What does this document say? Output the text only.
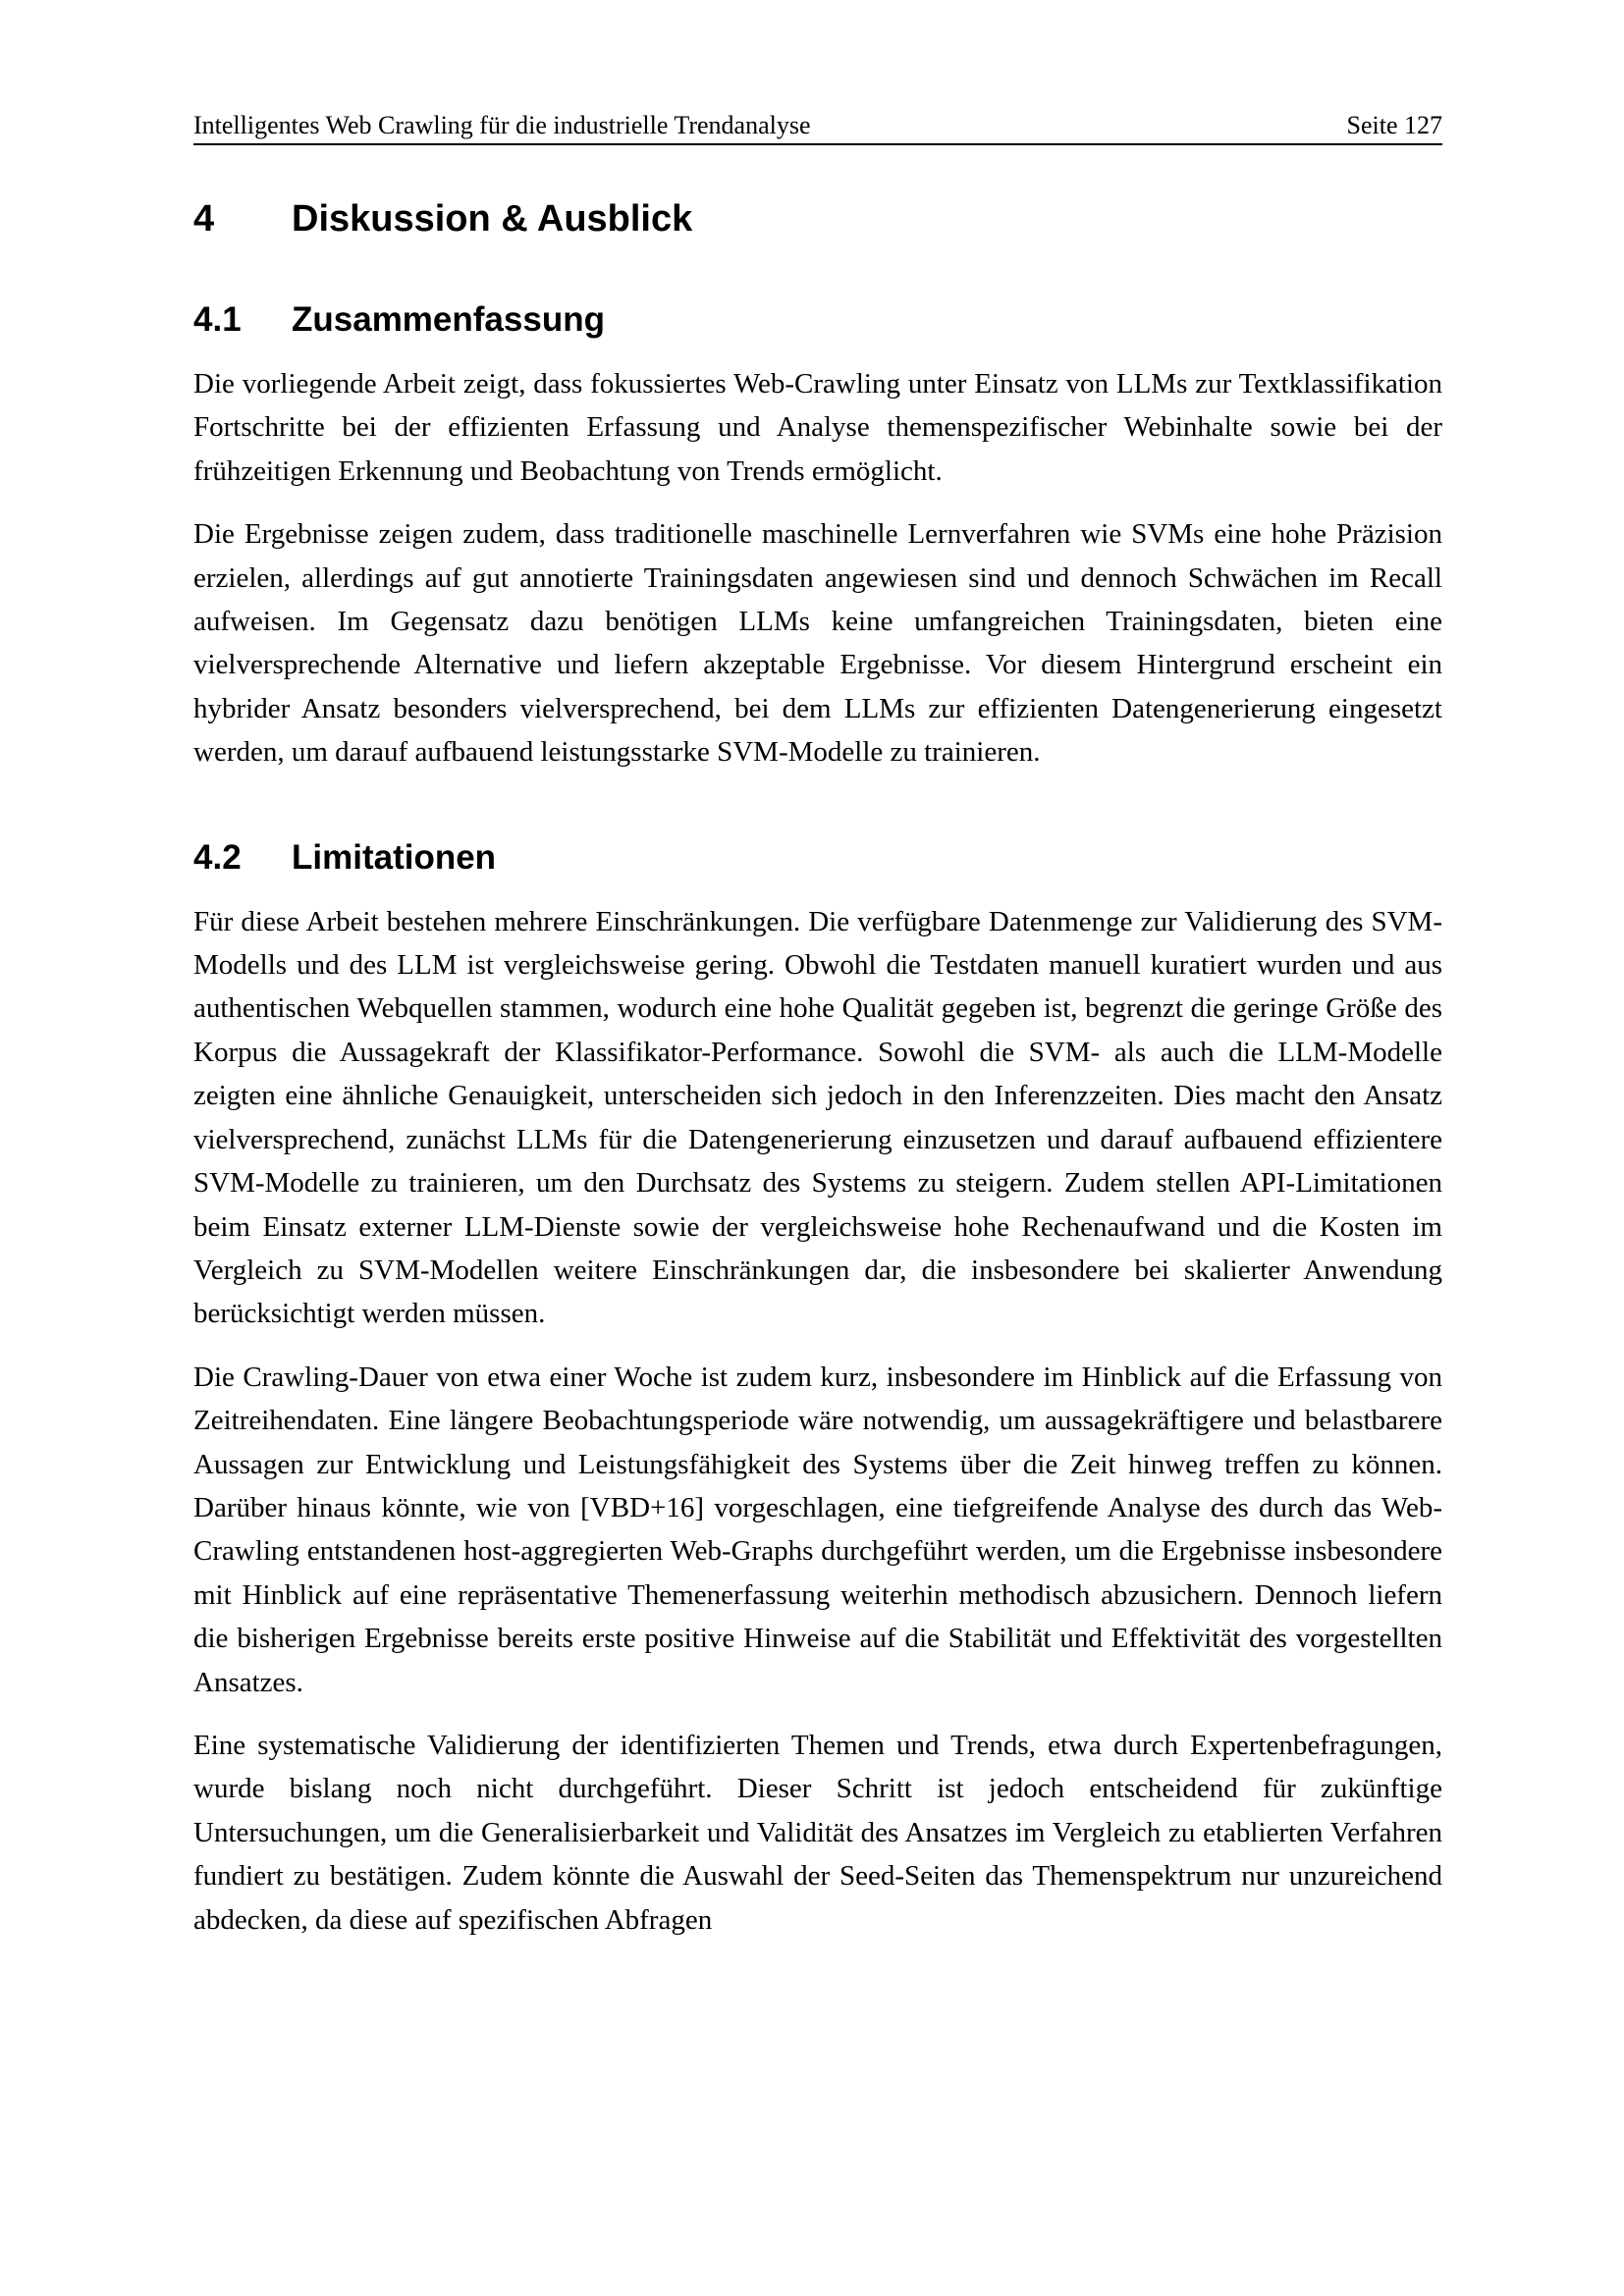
Intelligentes Web Crawling für die industrielle Trendanalyse	Seite 127
4 Diskussion & Ausblick
4.1 Zusammenfassung

Die vorliegende Arbeit zeigt, dass fokussiertes Web-Crawling unter Einsatz von LLMs zur Textklassifikation Fortschritte bei der effizienten Erfassung und Analyse themenspezifischer Webinhalte sowie bei der frühzeitigen Erkennung und Beobachtung von Trends ermöglicht.

Die Ergebnisse zeigen zudem, dass traditionelle maschinelle Lernverfahren wie SVMs eine hohe Präzision erzielen, allerdings auf gut annotierte Trainingsdaten angewiesen sind und dennoch Schwächen im Recall aufweisen. Im Gegensatz dazu benötigen LLMs keine umfangreichen Trainingsdaten, bieten eine vielversprechende Alternative und liefern akzeptable Ergebnisse. Vor diesem Hintergrund erscheint ein hybrider Ansatz besonders vielversprechend, bei dem LLMs zur effizienten Datengenerierung eingesetzt werden, um darauf aufbauend leistungsstarke SVM-Modelle zu trainieren.

4.2 Limitationen

Für diese Arbeit bestehen mehrere Einschränkungen. Die verfügbare Datenmenge zur Validierung des SVM-Modells und des LLM ist vergleichsweise gering. Obwohl die Testdaten manuell kuratiert wurden und aus authentischen Webquellen stammen, wodurch eine hohe Qualität gegeben ist, begrenzt die geringe Größe des Korpus die Aussagekraft der Klassifikator-Performance. Sowohl die SVM- als auch die LLM-Modelle zeigten eine ähnliche Genauigkeit, unterscheiden sich jedoch in den Inferenzzeiten. Dies macht den Ansatz vielversprechend, zunächst LLMs für die Datengenerierung einzusetzen und darauf aufbauend effizientere SVM-Modelle zu trainieren, um den Durchsatz des Systems zu steigern. Zudem stellen API-Limitationen beim Einsatz externer LLM-Dienste sowie der vergleichsweise hohe Rechenaufwand und die Kosten im Vergleich zu SVM-Modellen weitere Einschränkungen dar, die insbesondere bei skalierter Anwendung berücksichtigt werden müssen.

Die Crawling-Dauer von etwa einer Woche ist zudem kurz, insbesondere im Hinblick auf die Erfassung von Zeitreihendaten. Eine längere Beobachtungsperiode wäre notwendig, um aussagekräftigere und belastbarere Aussagen zur Entwicklung und Leistungsfähigkeit des Systems über die Zeit hinweg treffen zu können. Darüber hinaus könnte, wie von [VBD+16] vorgeschlagen, eine tiefgreifende Analyse des durch das Web-Crawling entstandenen host-aggregierten Web-Graphs durchgeführt werden, um die Ergebnisse insbesondere mit Hinblick auf eine repräsentative Themenerfassung weiterhin methodisch abzusichern. Dennoch liefern die bisherigen Ergebnisse bereits erste positive Hinweise auf die Stabilität und Effektivität des vorgestellten Ansatzes.

Eine systematische Validierung der identifizierten Themen und Trends, etwa durch Expertenbefragungen, wurde bislang noch nicht durchgeführt. Dieser Schritt ist jedoch entscheidend für zukünftige Untersuchungen, um die Generalisierbarkeit und Validität des Ansatzes im Vergleich zu etablierten Verfahren fundiert zu bestätigen. Zudem könnte die Auswahl der Seed-Seiten das Themenspektrum nur unzureichend abdecken, da diese auf spezifischen Abfragen
